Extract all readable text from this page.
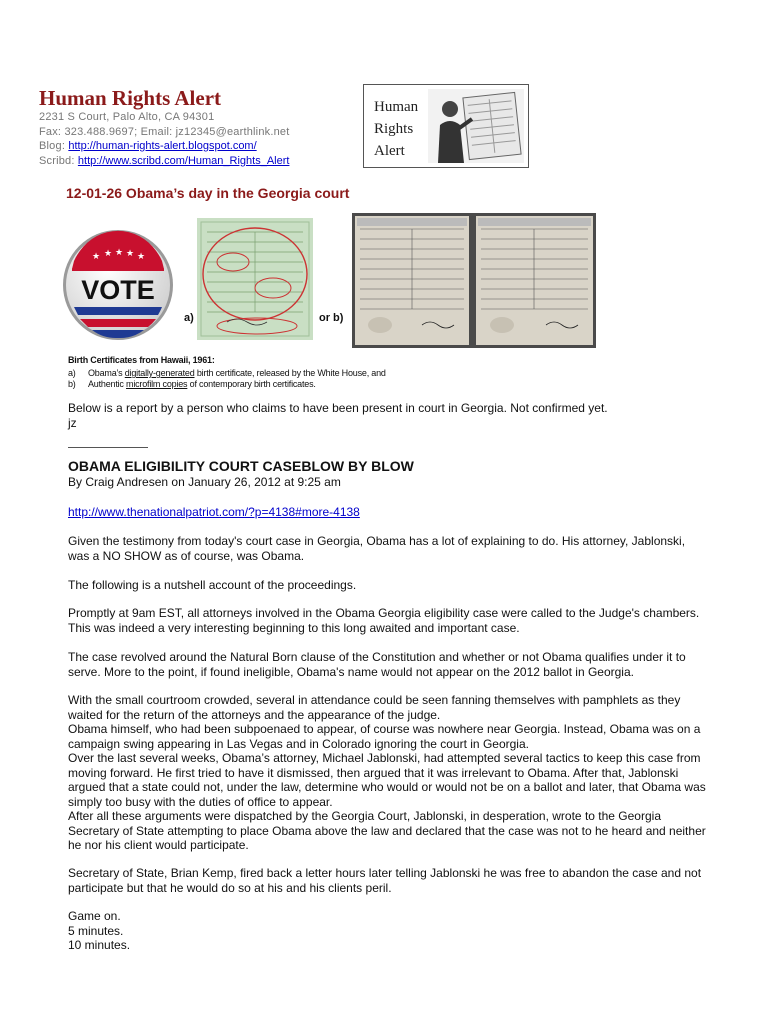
Human Rights Alert
2231 S Court, Palo Alto, CA 94301
Fax: 323.488.9697; Email: jz12345@earthlink.net
Blog: http://human-rights-alert.blogspot.com/
Scribd: http://www.scribd.com/Human_Rights_Alert
Human
Rights
Alert
12-01-26 Obama’s day in the Georgia court
★ ★ ★ ★ ★
VOTE
a)	or b)
Birth Certificates from Hawaii, 1961:
a) Obama’s digitally-generated birth certificate, released by the White House, and
b) Authentic microfilm copies of contemporary birth certificates.
Below is a report by a person who claims to have been present in court in Georgia. Not confirmed yet.
jz
OBAMA ELIGIBILITY COURT CASEBLOW BY BLOW
By Craig Andresen on January 26, 2012 at 9:25 am
http://www.thenationalpatriot.com/?p=4138#more-4138
Given the testimony from today's court case in Georgia, Obama has a lot of explaining to do. His attorney, Jablonski,
was a NO SHOW as of course, was Obama.
The following is a nutshell account of the proceedings.
Promptly at 9am EST, all attorneys involved in the Obama Georgia eligibility case were called to the Judge's chambers.
This was indeed a very interesting beginning to this long awaited and important case.
The case revolved around the Natural Born clause of the Constitution and whether or not Obama qualifies under it to
serve. More to the point, if found ineligible, Obama's name would not appear on the 2012 ballot in Georgia.
With the small courtroom crowded, several in attendance could be seen fanning themselves with pamphlets as they
waited for the return of the attorneys and the appearance of the judge.
Obama himself, who had been subpoenaed to appear, of course was nowhere near Georgia. Instead, Obama was on a
campaign swing appearing in Las Vegas and in Colorado ignoring the court in Georgia.
Over the last several weeks, Obama’s attorney, Michael Jablonski, had attempted several tactics to keep this case from
moving forward. He first tried to have it dismissed, then argued that it was irrelevant to Obama. After that, Jablonski
argued that a state could not, under the law, determine who would or would not be on a ballot and later, that Obama was
simply too busy with the duties of office to appear.
After all these arguments were dispatched by the Georgia Court, Jablonski, in desperation, wrote to the Georgia
Secretary of State attempting to place Obama above the law and declared that the case was not to he heard and neither
he nor his client would participate.
Secretary of State, Brian Kemp, fired back a letter hours later telling Jablonski he was free to abandon the case and not
participate but that he would do so at his and his clients peril.
Game on.
5 minutes.
10 minutes.
